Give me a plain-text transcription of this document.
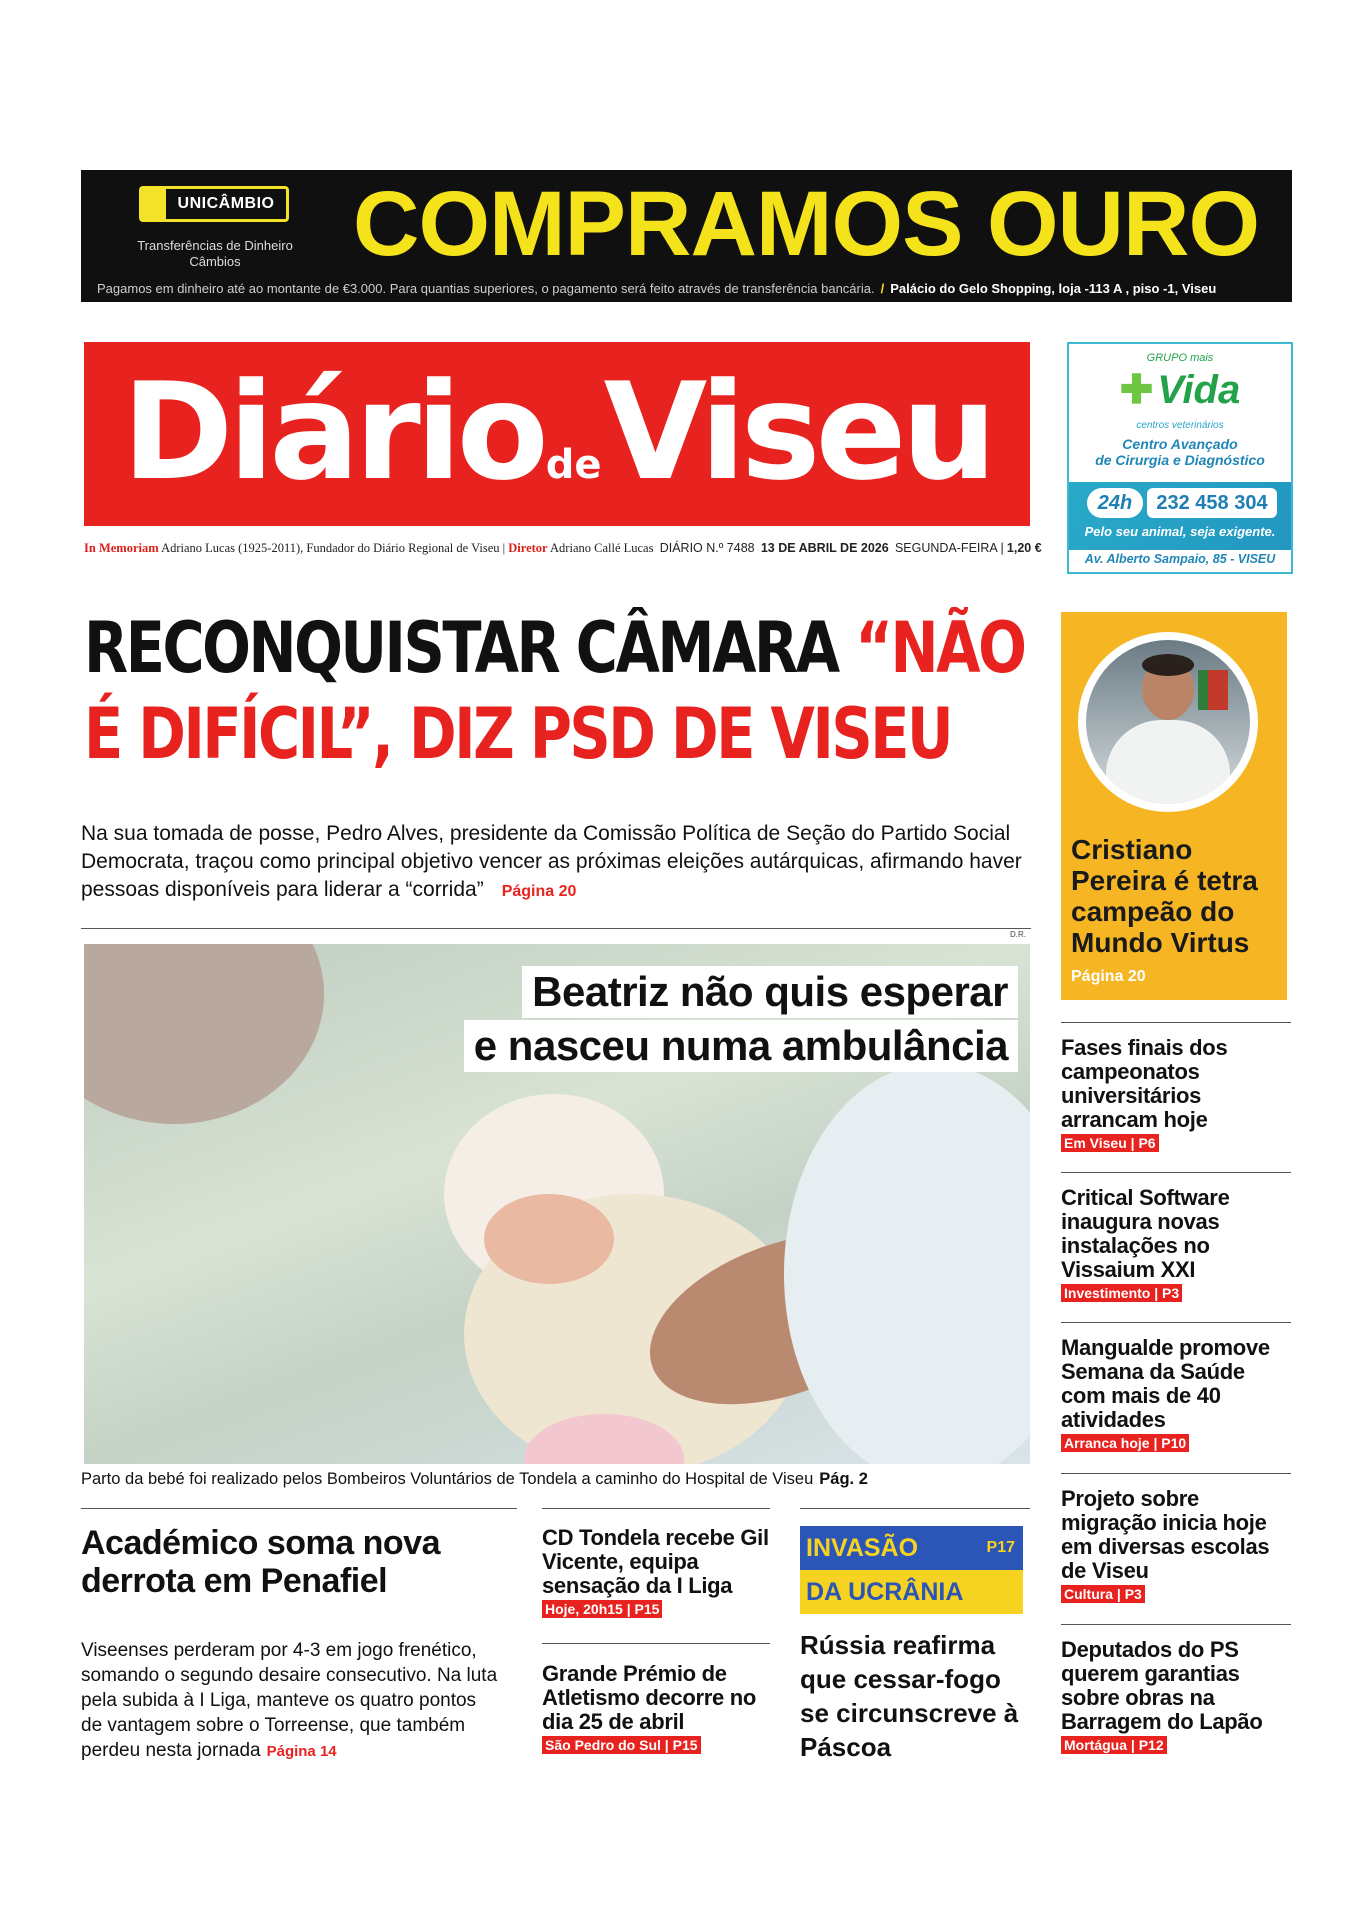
UNICÂMBIO
Transferências de Dinheiro
Câmbios	COMPRAMOS OURO
Pagamos em dinheiro até ao montante de €3.000. Para quantias superiores, o pagamento será feito através de transferência bancária. / Palácio do Gelo Shopping, loja -113 A , piso -1, Viseu
DiáriodeViseu
In Memoriam Adriano Lucas (1925-2011), Fundador do Diário Regional de Viseu | Diretor Adriano Callé Lucas DIÁRIO N.º 7488 13 DE ABRIL DE 2026 SEGUNDA-FEIRA | 1,20 €
GRUPO mais
✚ Vida
centros veterinários
Centro Avançado
de Cirurgia e Diagnóstico
24h	232 458 304
Pelo seu animal, seja exigente.
Av. Alberto Sampaio, 85 - VISEU
RECONQUISTAR CÂMARA “NÃO
É DIFÍCIL”, DIZ PSD DE VISEU
Na sua tomada de posse, Pedro Alves, presidente da Comissão Política de Seção do Partido Social Democrata, traçou como principal objetivo vencer as próximas eleições autárquicas, afirmando haver pessoas disponíveis para liderar a “corrida” Página 20
D.R.
Beatriz não quis esperar
e nasceu numa ambulância
Parto da bebé foi realizado pelos Bombeiros Voluntários de Tondela a caminho do Hospital de Viseu Pág. 2
Académico soma nova derrota em Penafiel
Viseenses perderam por 4-3 em jogo frenético, somando o segundo desaire consecutivo. Na luta pela subida à I Liga, manteve os quatro pontos de vantagem sobre o Torreense, que também perdeu nesta jornada Página 14
CD Tondela recebe Gil Vicente, equipa sensação da I Liga
Hoje, 20h15 | P15
Grande Prémio de Atletismo decorre no dia 25 de abril
São Pedro do Sul | P15
INVASÃO	P17
DA UCRÂNIA
Rússia reafirma que cessar-fogo se circunscreve à Páscoa
Cristiano Pereira é tetra campeão do Mundo Virtus
Página 20
Fases finais dos campeonatos universitários arrancam hoje
Em Viseu | P6
Critical Software inaugura novas instalações no Vissaium XXI
Investimento | P3
Mangualde promove Semana da Saúde com mais de 40 atividades
Arranca hoje | P10
Projeto sobre migração inicia hoje em diversas escolas de Viseu
Cultura | P3
Deputados do PS querem garantias sobre obras na Barragem do Lapão
Mortágua | P12
